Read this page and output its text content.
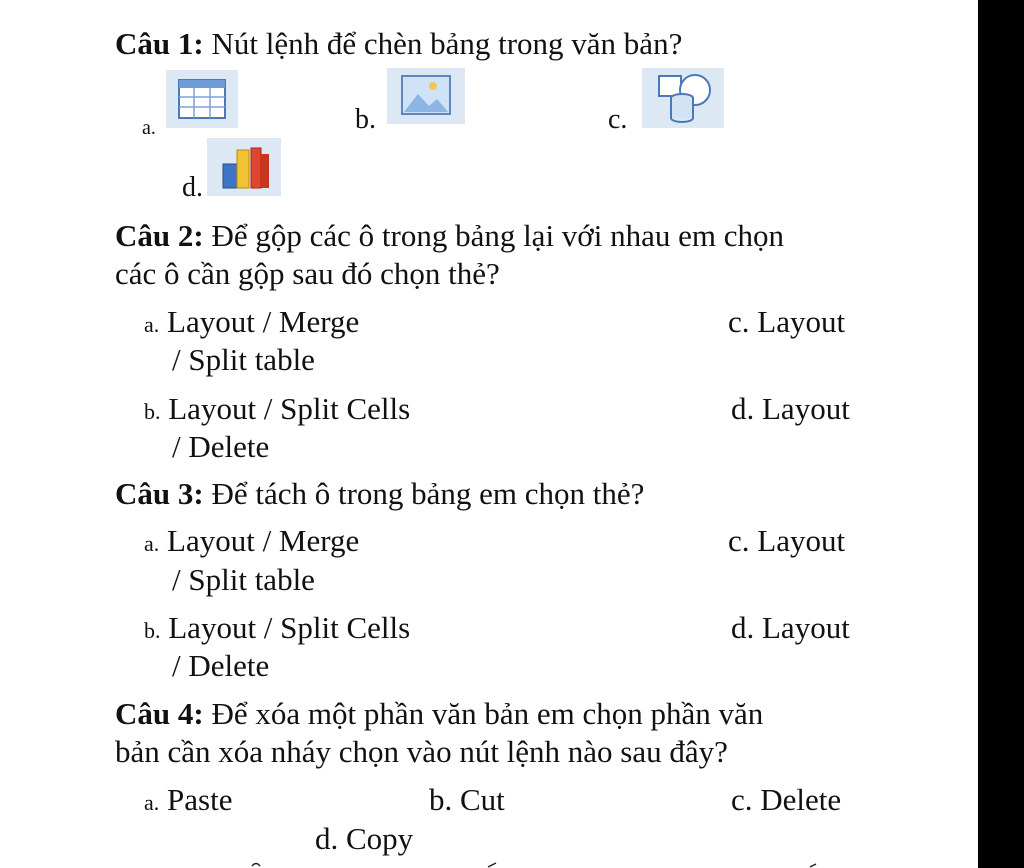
Câu 1: Nút lệnh để chèn bảng trong văn bản?
a.	b.	c.
d.
Câu 2: Để gộp các ô trong bảng lại với nhau em chọn
các ô cần gộp sau đó chọn thẻ?
a. Layout / Merge	c. Layout
/ Split table
b. Layout / Split Cells	d. Layout
/ Delete
Câu 3: Để tách ô trong bảng em chọn thẻ?
a. Layout / Merge	c. Layout
/ Split table
b. Layout / Split Cells	d. Layout
/ Delete
Câu 4: Để xóa một phần văn bản em chọn phần văn
bản cần xóa nháy chọn vào nút lệnh nào sau đây?
a. Paste	b. Cut	c. Delete
d. Copy
